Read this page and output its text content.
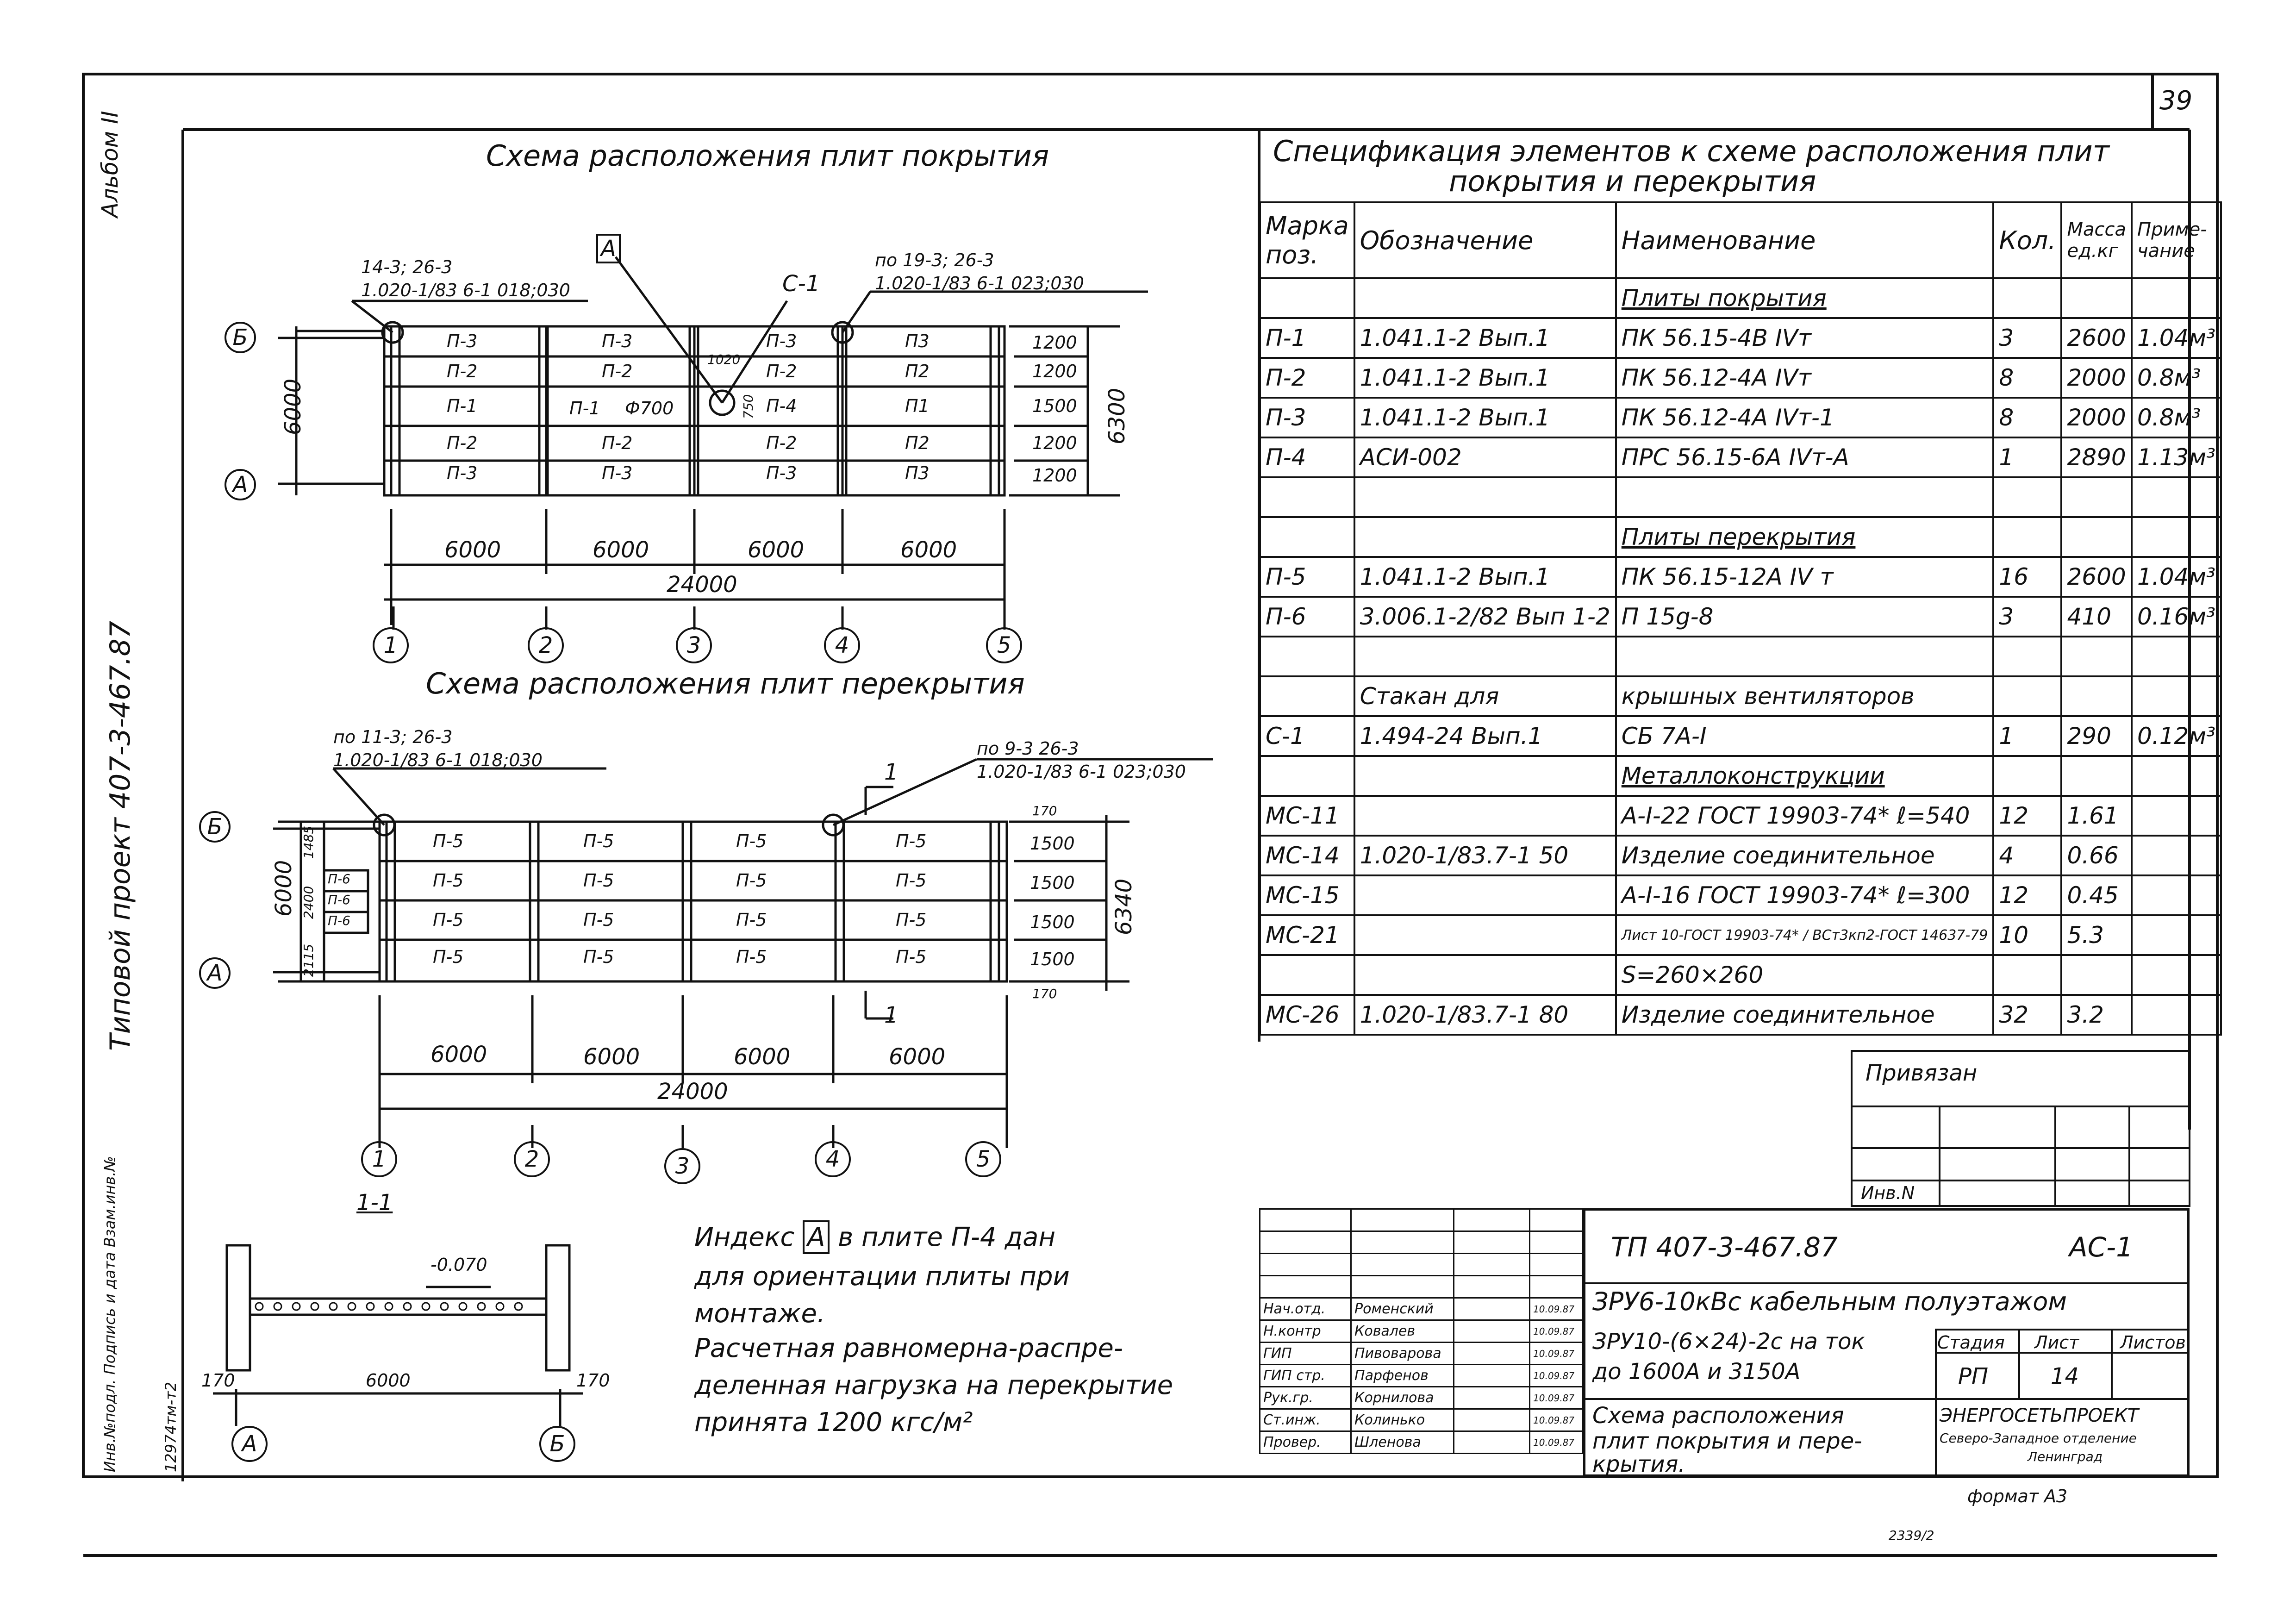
39
Альбом II
Типовой проект 407-3-467.87
Инв.№подл. Подпись и дата Взам.инв.№	12974тм-т2
2339/2
Схема расположения плит покрытия
14-3; 26-3
1.020-1/83 6-1 018;030
по 19-3; 26-3
1.020-1/83 6-1 023;030
А
С-1
Б
А
6000	6300
1200
1200
1500
1200
1200
П-3
П-2
П-1
П-2
П-3
П-3
П-2
П-1 Ф700
П-2
П-3
П-3
П-2
П-4
П-2
П-3
1020
750
П3
П2
П1
П2
П3
6000	6000	6000	6000
24000
1	2	3	4	5
Схема расположения плит перекрытия
по 11-3; 26-3
1.020-1/83 6-1 018;030
по 9-3 26-3
1.020-1/83 6-1 023;030
1
1
Б
А
6000 2400
2115
1485
П-6
П-6
П-6
П-5
П-5
П-5
П-5
П-5
П-5
П-5
П-5
П-5
П-5
П-5
П-5
П-5
П-5
П-5
П-5
170
1500
1500
1500
1500
170
6340
6000	6000	6000	6000
24000
1	2	3	4	5
1-1
-0.070
6000
170	170
А	Б
Индекс А в плите П-4 дан
для ориентации плиты при
монтаже.
Расчетная равномерна-распре-
деленная нагрузка на перекрытие
принята 1200 кгс/м²
Спецификация элементов к схеме расположения плит
покрытия и перекрытия
Марка поз.	Обозначение	Наименование	Кол.	Масса ед.кг	Приме-чание
		Плиты покрытия			
П-1	1.041.1-2 Вып.1	ПК 56.15-4В IVт	3	2600	1.04м³
П-2	1.041.1-2 Вып.1	ПК 56.12-4А IVт	8	2000	0.8м³
П-3	1.041.1-2 Вып.1	ПК 56.12-4А IVт-1	8	2000	0.8м³
П-4	АСИ-002	ПРС 56.15-6А IVт-А	1	2890	1.13м³

		Плиты перекрытия			
П-5	1.041.1-2 Вып.1	ПК 56.15-12А IV т	16	2600	1.04м³
П-6	3.006.1-2/82 Вып 1-2	П 15g-8	3	410	0.16м³

	Стакан для	крышных вентиляторов			
С-1	1.494-24 Вып.1	СБ 7А-I	1	290	0.12м³
		Металлоконструкции			
МС-11		А-I-22 ГОСТ 19903-74* ℓ=540	12	1.61	
МС-14	1.020-1/83.7-1 50	Изделие соединительное	4	0.66	
МС-15		А-I-16 ГОСТ 19903-74* ℓ=300	12	0.45	
МС-21		Лист 10-ГОСТ 19903-74* / ВСт3кп2-ГОСТ 14637-79	10	5.3	
		S=260×260			
МС-26	1.020-1/83.7-1 80	Изделие соединительное	32	3.2	
Привязан
Инв.N

Нач.отд.	Роменский		10.09.87
Н.контр	Ковалев		10.09.87
ГИП	Пивоварова		10.09.87
ГИП стр.	Парфенов		10.09.87
Рук.гр.	Корнилова		10.09.87
Ст.инж.	Колинько		10.09.87
Провер.	Шленова		10.09.87
ТП 407-3-467.87	АС-1
ЗРУ6-10кВс кабельным полуэтажом
ЗРУ10-(6×24)-2с на ток
до 1600А и 3150А
Стадия Лист Листов
РП	14
Схема расположения
плит покрытия и пере-
крытия.
ЭНЕРГОСЕТЬПРОЕКТ
Северо-Западное отделение
Ленинград
формат А3
